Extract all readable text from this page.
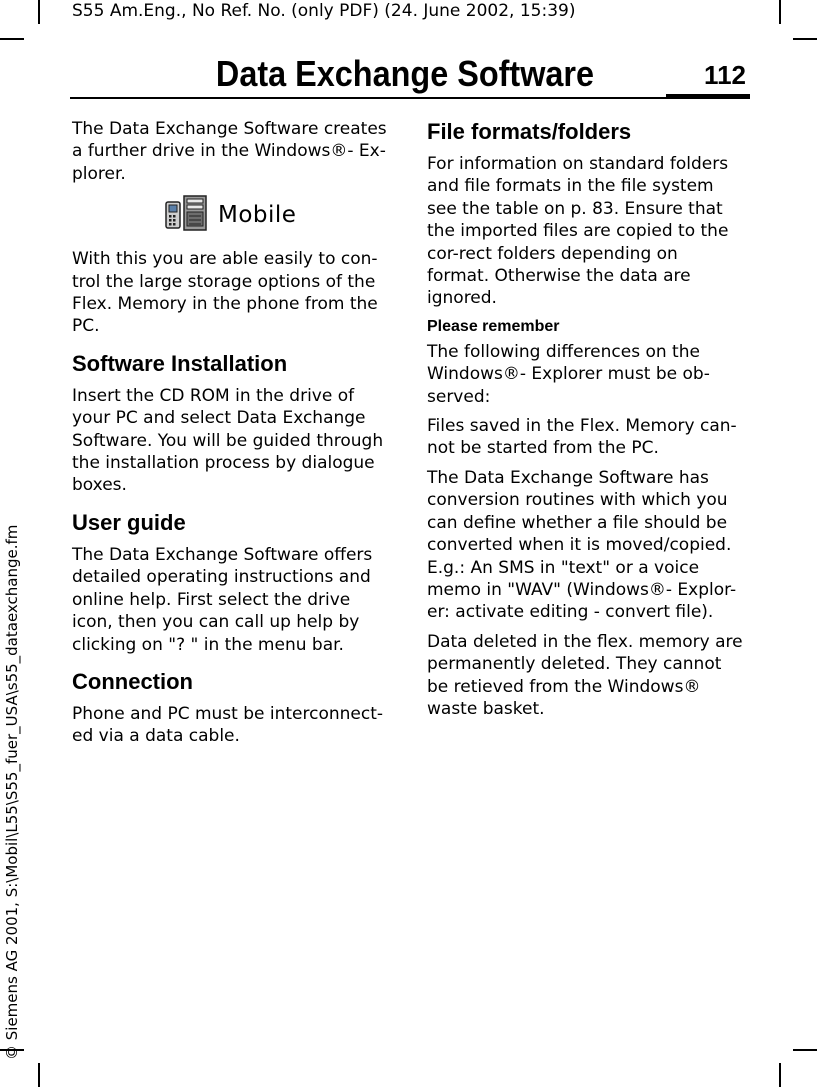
S55 Am.Eng., No Ref. No. (only PDF) (24. June 2002, 15:39)
Data Exchange Software	112
© Siemens AG 2001, S:\Mobil\L55\S55_fuer_USA\s55_dataexchange.fm

The Data Exchange Software creates a further drive in the Windows®- Ex-plorer.

Mobile

With this you are able easily to con-trol the large storage options of the Flex. Memory in the phone from the PC.

Software Installation

Insert the CD ROM in the drive of your PC and select Data Exchange Software. You will be guided through the installation process by dialogue boxes.

User guide

The Data Exchange Software offers detailed operating instructions and online help. First select the drive icon, then you can call up help by clicking on "? " in the menu bar.

Connection

Phone and PC must be interconnect-ed via a data cable.

File formats/folders

For information on standard folders and file formats in the file system see the table on p. 83. Ensure that the imported files are copied to the cor-rect folders depending on format. Otherwise the data are ignored.

Please remember

The following differences on the Windows®- Explorer must be ob-served:

Files saved in the Flex. Memory can-not be started from the PC.

The Data Exchange Software has conversion routines with which you can define whether a file should be converted when it is moved/copied. E.g.: An SMS in "text" or a voice memo in "WAV" (Windows®- Explor-er: activate editing - convert file).

Data deleted in the flex. memory are permanently deleted. They cannot be retieved from the Windows® waste basket.
